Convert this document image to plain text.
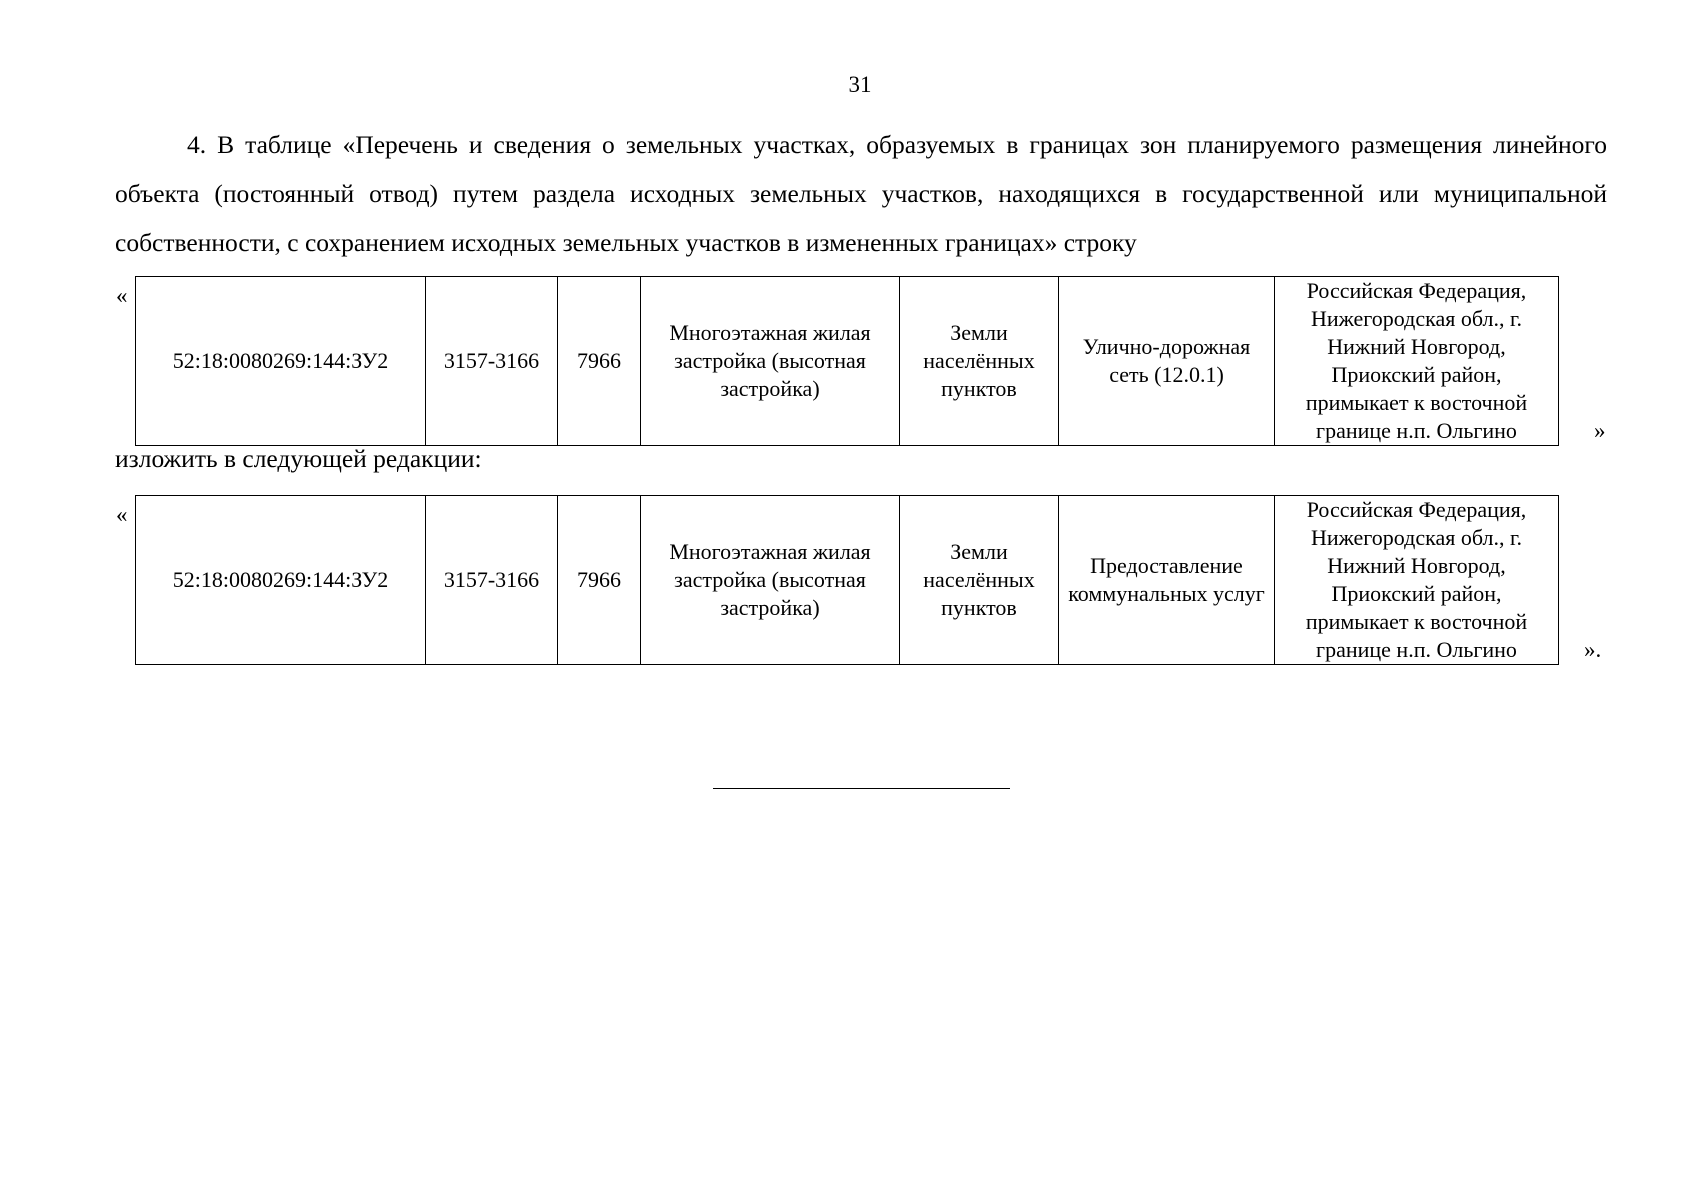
31

4. В таблице «Перечень и сведения о земельных участках, образуемых в границах зон планируемого размещения линейного объекта (постоянный отвод) путем раздела исходных земельных участков, находящихся в государственной или муниципальной собственности, с сохранением исходных земельных участков в измененных границах» строку

«
52:18:0080269:144:ЗУ2	3157-3166	7966	Многоэтажная жилая застройка (высотная застройка)	Земли населённых пунктов	Улично-дорожная сеть (12.0.1)	Российская Федерация, Нижегородская обл., г. Нижний Новгород, Приокский район, примыкает к восточной границе н.п. Ольгино	»

изложить в следующей редакции:

«
52:18:0080269:144:ЗУ2	3157-3166	7966	Многоэтажная жилая застройка (высотная застройка)	Земли населённых пунктов	Предоставление коммунальных услуг	Российская Федерация, Нижегородская обл., г. Нижний Новгород, Приокский район, примыкает к восточной границе н.п. Ольгино	».
